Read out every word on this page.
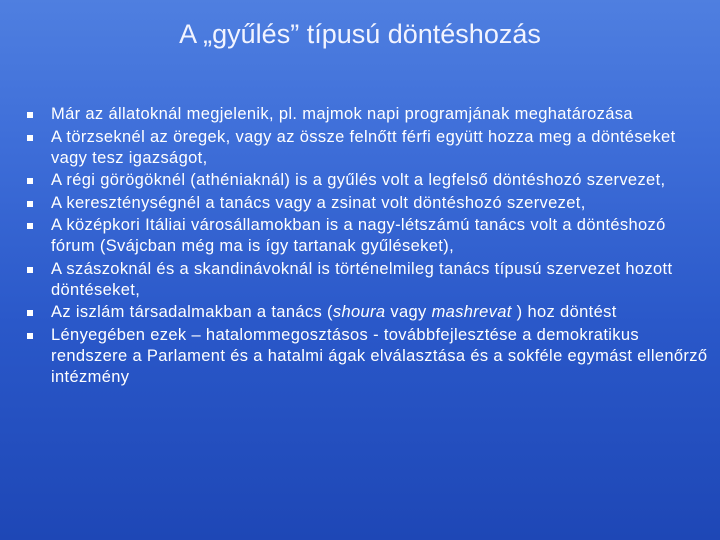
A „gyűlés” típusú döntéshozás
Már az állatoknál megjelenik, pl. majmok napi programjának meghatározása
A törzseknél az öregek, vagy az össze felnőtt férfi együtt hozza meg a döntéseket vagy tesz igazságot,
A régi görögöknél (athéniaknál) is a gyűlés volt a legfelső döntéshozó szervezet,
A kereszténységnél a tanács vagy a zsinat volt döntéshozó szervezet,
A középkori Itáliai városállamokban is a nagy-létszámú tanács volt a döntéshozó fórum (Svájcban még ma is így tartanak gyűléseket),
A szászoknál és a skandinávoknál is történelmileg tanács típusú szervezet hozott döntéseket,
Az iszlám társadalmakban a tanács (shoura vagy mashrevat ) hoz döntést
Lényegében ezek – hatalommegosztásos - továbbfejlesztése a demokratikus rendszere a Parlament és a hatalmi ágak elválasztása és a sokféle egymást ellenőrző intézmény
